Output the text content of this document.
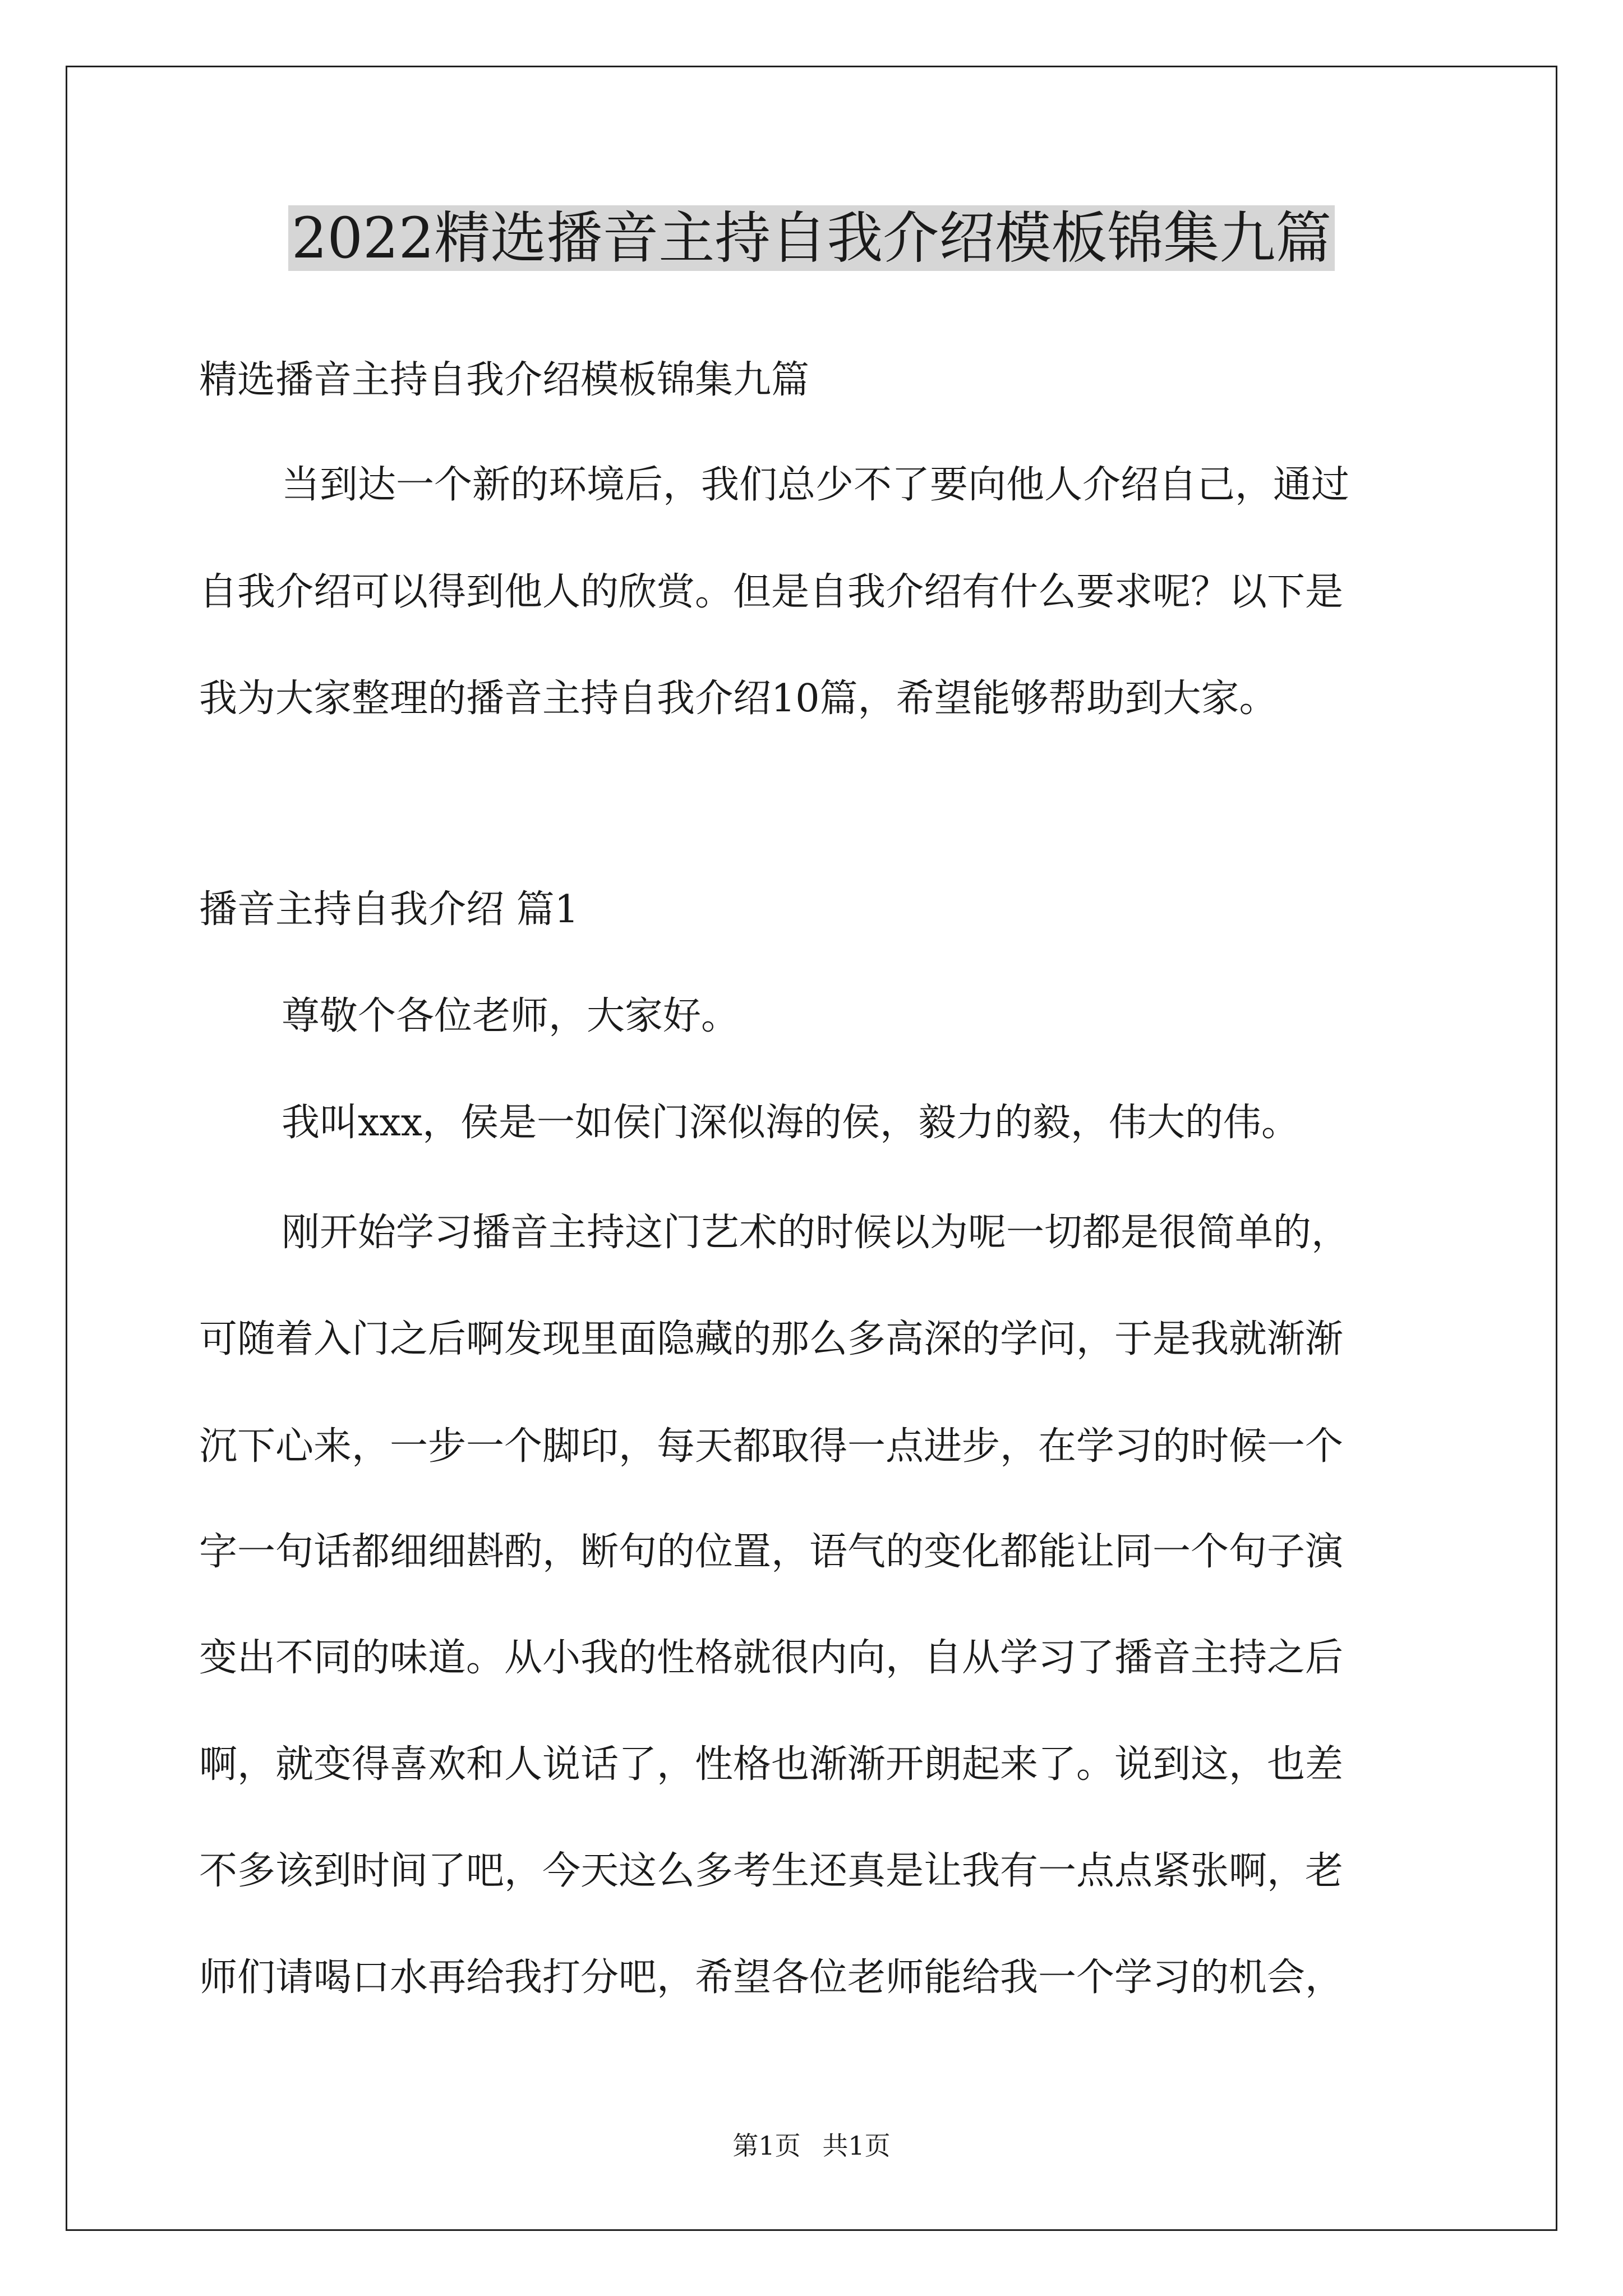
2022精选播音主持自我介绍模板锦集九篇

精选播音主持自我介绍模板锦集九篇

当到达一个新的环境后，我们总少不了要向他人介绍自己，通过

自我介绍可以得到他人的欣赏。但是自我介绍有什么要求呢？以下是

我为大家整理的播音主持自我介绍10篇，希望能够帮助到大家。

播音主持自我介绍 篇1

尊敬个各位老师，大家好。

我叫xxx，侯是一如侯门深似海的侯，毅力的毅，伟大的伟。

刚开始学习播音主持这门艺术的时候以为呢一切都是很简单的，

可随着入门之后啊发现里面隐藏的那么多高深的学问，于是我就渐渐

沉下心来，一步一个脚印，每天都取得一点进步，在学习的时候一个

字一句话都细细斟酌，断句的位置，语气的变化都能让同一个句子演

变出不同的味道。从小我的性格就很内向，自从学习了播音主持之后

啊，就变得喜欢和人说话了，性格也渐渐开朗起来了。说到这，也差

不多该到时间了吧，今天这么多考生还真是让我有一点点紧张啊，老

师们请喝口水再给我打分吧，希望各位老师能给我一个学习的机会，

第1页 共1页
